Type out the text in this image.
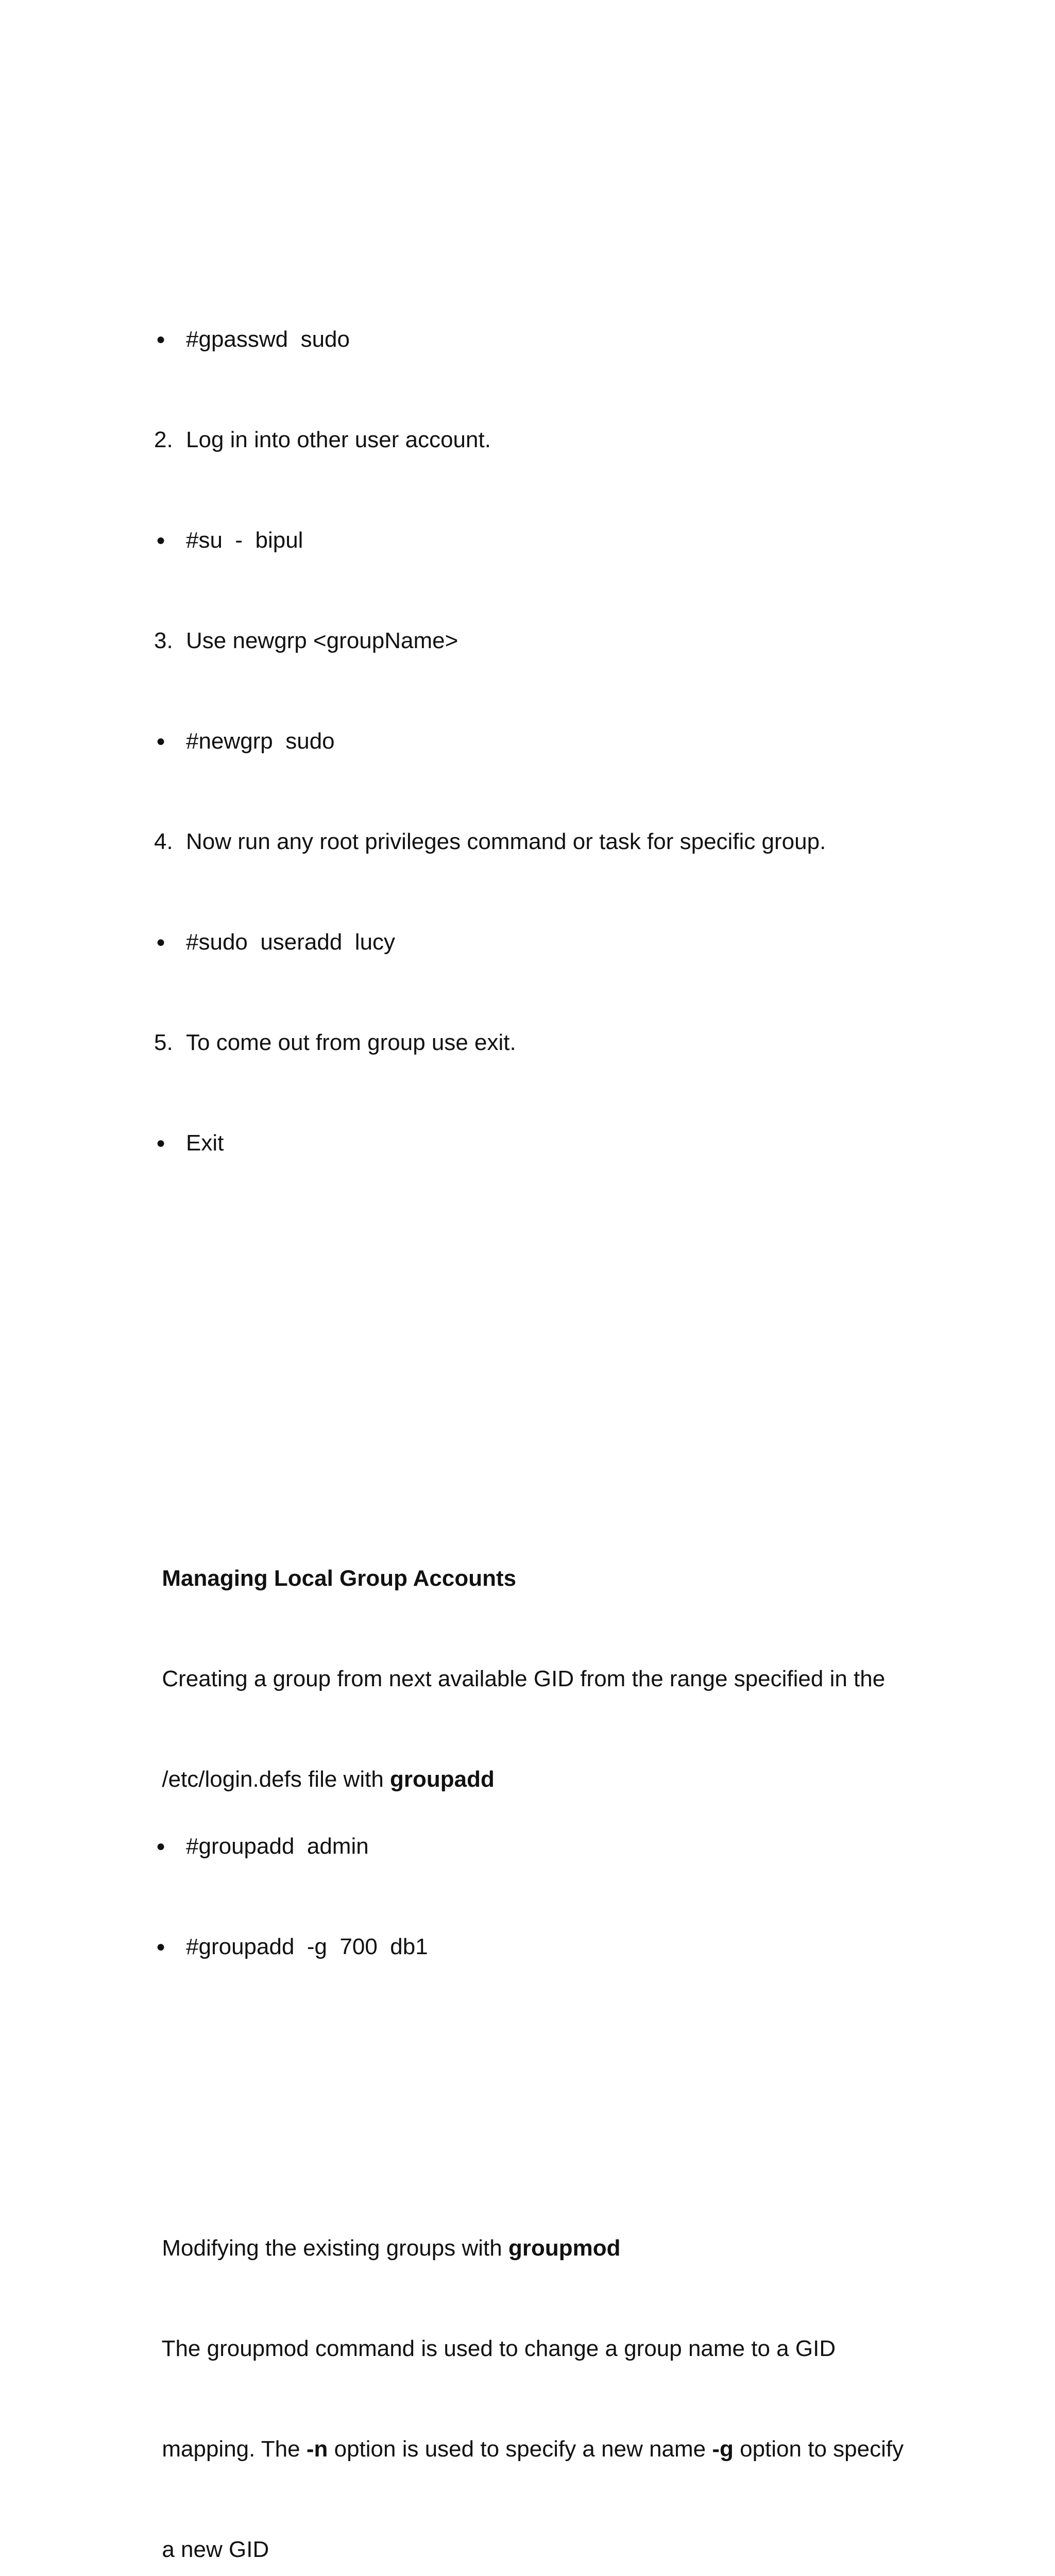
●

#gpasswd  sudo

2.

Log in into other user account.

●

#su  -  bipul

3.

Use newgrp <groupName>

●

#newgrp  sudo

4.

Now run any root privileges command or task for specific group.

●

#sudo  useradd  lucy

5.

To come out from group use exit.

●

Exit

Managing Local Group Accounts

Creating a group from next available GID from the range specified in the

/etc/login.defs file with groupadd

●

#groupadd  admin

●

#groupadd  -g  700  db1

Modifying the existing groups with groupmod

The groupmod command is used to change a group name to a GID

mapping. The -n option is used to specify a new name -g option to specify

a new GID
